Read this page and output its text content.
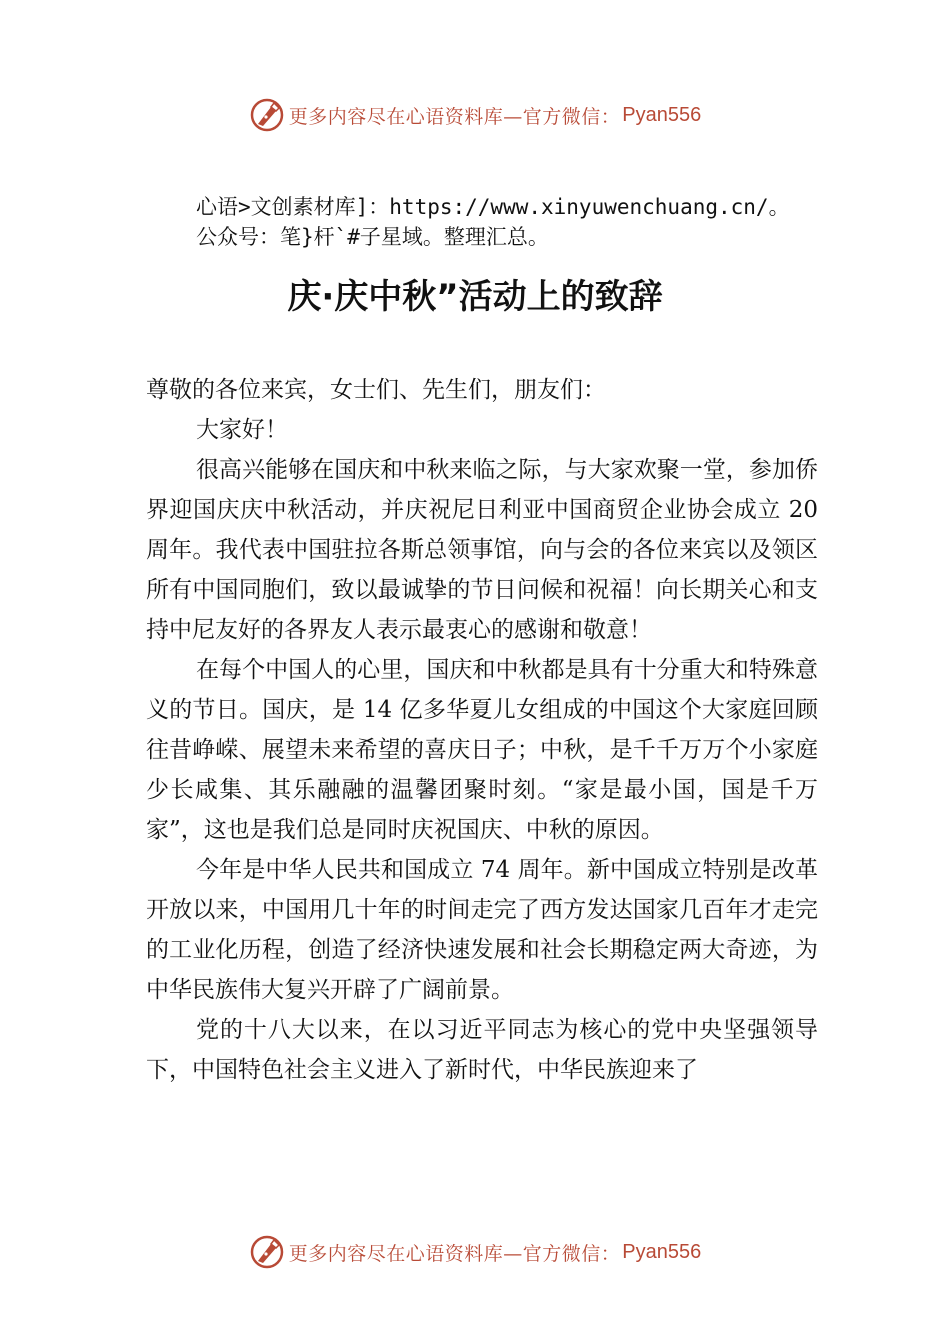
更多内容尽在心语资料库—官方微信： Pyan556
心语>文创素材库]：https://www.xinyuwenchuang.cn/。
公众号：笔}杆`#子星域。整理汇总。
庆·庆中秋”活动上的致辞

尊敬的各位来宾，女士们、先生们，朋友们：

大家好！

很高兴能够在国庆和中秋来临之际，与大家欢聚一堂，参加侨界迎国庆庆中秋活动，并庆祝尼日利亚中国商贸企业协会成立 20 周年。我代表中国驻拉各斯总领事馆，向与会的各位来宾以及领区所有中国同胞们，致以最诚挚的节日问候和祝福！向长期关心和支持中尼友好的各界友人表示最衷心的感谢和敬意！

在每个中国人的心里，国庆和中秋都是具有十分重大和特殊意义的节日。国庆，是 14 亿多华夏儿女组成的中国这个大家庭回顾往昔峥嵘、展望未来希望的喜庆日子；中秋，是千千万万个小家庭少长咸集、其乐融融的温馨团聚时刻。“家是最小国，国是千万家”，这也是我们总是同时庆祝国庆、中秋的原因。

今年是中华人民共和国成立 74 周年。新中国成立特别是改革开放以来，中国用几十年的时间走完了西方发达国家几百年才走完的工业化历程，创造了经济快速发展和社会长期稳定两大奇迹，为中华民族伟大复兴开辟了广阔前景。

党的十八大以来，在以习近平同志为核心的党中央坚强领导下，中国特色社会主义进入了新时代，中华民族迎来了

更多内容尽在心语资料库—官方微信： Pyan556
